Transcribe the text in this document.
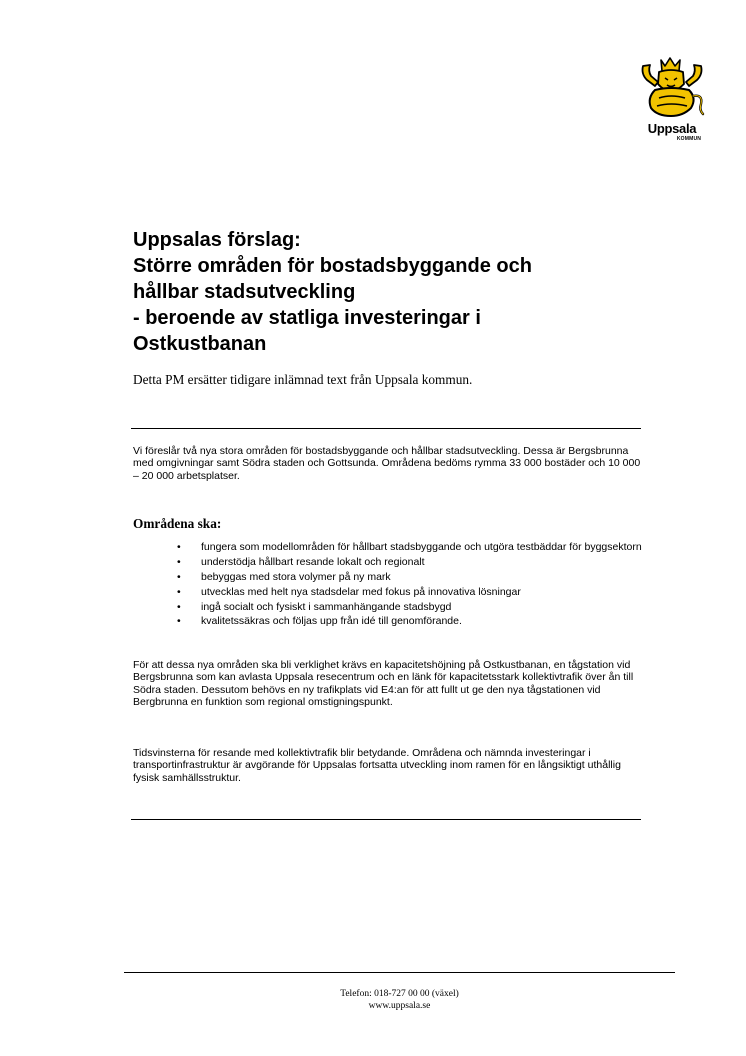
Uppsala
KOMMUN
Uppsalas förslag:
Större områden för bostadsbyggande och
hållbar stadsutveckling
- beroende av statliga investeringar i
Ostkustbanan

Detta PM ersätter tidigare inlämnad text från Uppsala kommun.

Vi föreslår två nya stora områden för bostadsbyggande och hållbar stadsutveckling. Dessa är Bergsbrunna med omgivningar samt Södra staden och Gottsunda. Områdena bedöms rymma 33 000 bostäder och 10 000 – 20 000 arbetsplatser.

Områdena ska:
• fungera som modellområden för hållbart stadsbyggande och utgöra testbäddar för byggsektorn
• understödja hållbart resande lokalt och regionalt
• bebyggas med stora volymer på ny mark
• utvecklas med helt nya stadsdelar med fokus på innovativa lösningar
• ingå socialt och fysiskt i sammanhängande stadsbygd
• kvalitetssäkras och följas upp från idé till genomförande.

För att dessa nya områden ska bli verklighet krävs en kapacitetshöjning på Ostkustbanan, en tågstation vid Bergsbrunna som kan avlasta Uppsala resecentrum och en länk för kapacitetsstark kollektivtrafik över ån till Södra staden. Dessutom behövs en ny trafikplats vid E4:an för att fullt ut ge den nya tågstationen vid Bergbrunna en funktion som regional omstigningspunkt.

Tidsvinsterna för resande med kollektivtrafik blir betydande. Områdena och nämnda investeringar i transportinfrastruktur är avgörande för Uppsalas fortsatta utveckling inom ramen för en långsiktigt uthållig fysisk samhällsstruktur.

Telefon: 018-727 00 00 (växel)
www.uppsala.se
